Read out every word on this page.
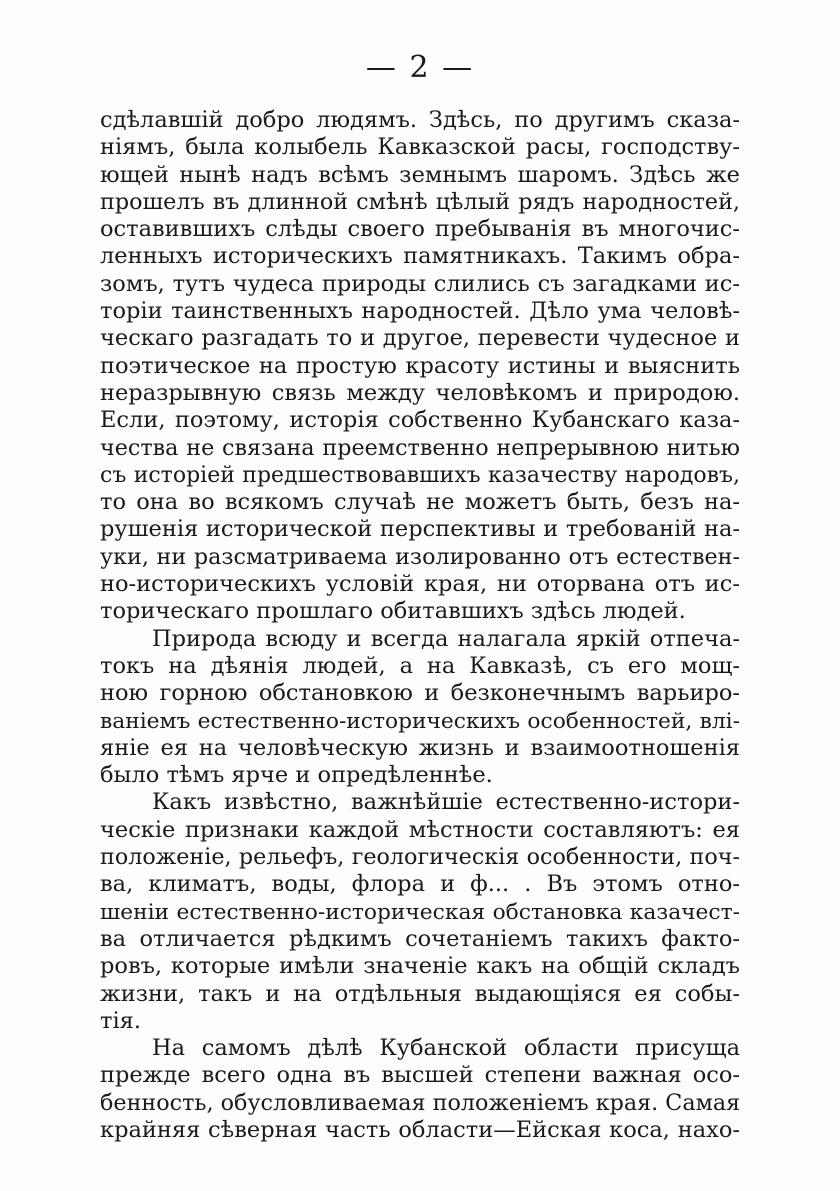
— 2 —
сдѣлавшій добро людямъ. Здѣсь, по другимъ сказа-
ніямъ, была колыбель Кавказской расы, господству-
ющей нынѣ надъ всѣмъ земнымъ шаромъ. Здѣсь же
прошелъ въ длинной смѣнѣ цѣлый рядъ народностей,
оставившихъ слѣды своего пребыванія въ многочис-
ленныхъ историческихъ памятникахъ. Такимъ обра-
зомъ, тутъ чудеса природы слились съ загадками ис-
торіи таинственныхъ народностей. Дѣло ума человѣ-
ческаго разгадать то и другое, перевести чудесное и
поэтическое на простую красоту истины и выяснить
неразрывную связь между человѣкомъ и природою.
Если, поэтому, исторія собственно Кубанскаго каза-
чества не связана преемственно непрерывною нитью
съ исторіей предшествовавшихъ казачеству народовъ,
то она во всякомъ случаѣ не можетъ быть, безъ на-
рушенія исторической перспективы и требованій на-
уки, ни разсматриваема изолированно отъ естествен-
но-историческихъ условій края, ни оторвана отъ ис-
торическаго прошлаго обитавшихъ здѣсь людей.
Природа всюду и всегда налагала яркій отпеча-
токъ на дѣянія людей, а на Кавказѣ, съ его мощ-
ною горною обстановкою и безконечнымъ варьиро-
ваніемъ естественно-историческихъ особенностей, влі-
яніе ея на человѣческую жизнь и взаимоотношенія
было тѣмъ ярче и опредѣленнѣе.
Какъ извѣстно, важнѣйшіе естественно-истори-
ческіе признаки каждой мѣстности составляютъ: ея
положеніе, рельефъ, геологическія особенности, поч-
ва, климатъ, воды, флора и ф... . Въ этомъ отно-
шеніи естественно-историческая обстановка казачест-
ва отличается рѣдкимъ сочетаніемъ такихъ факто-
ровъ, которые имѣли значеніе какъ на общій складъ
жизни, такъ и на отдѣльныя выдающіяся ея собы-
тія.
На самомъ дѣлѣ Кубанской области присуща
прежде всего одна въ высшей степени важная осо-
бенность, обусловливаемая положеніемъ края. Самая
крайняя сѣверная часть области—Ейская коса, нахо-
